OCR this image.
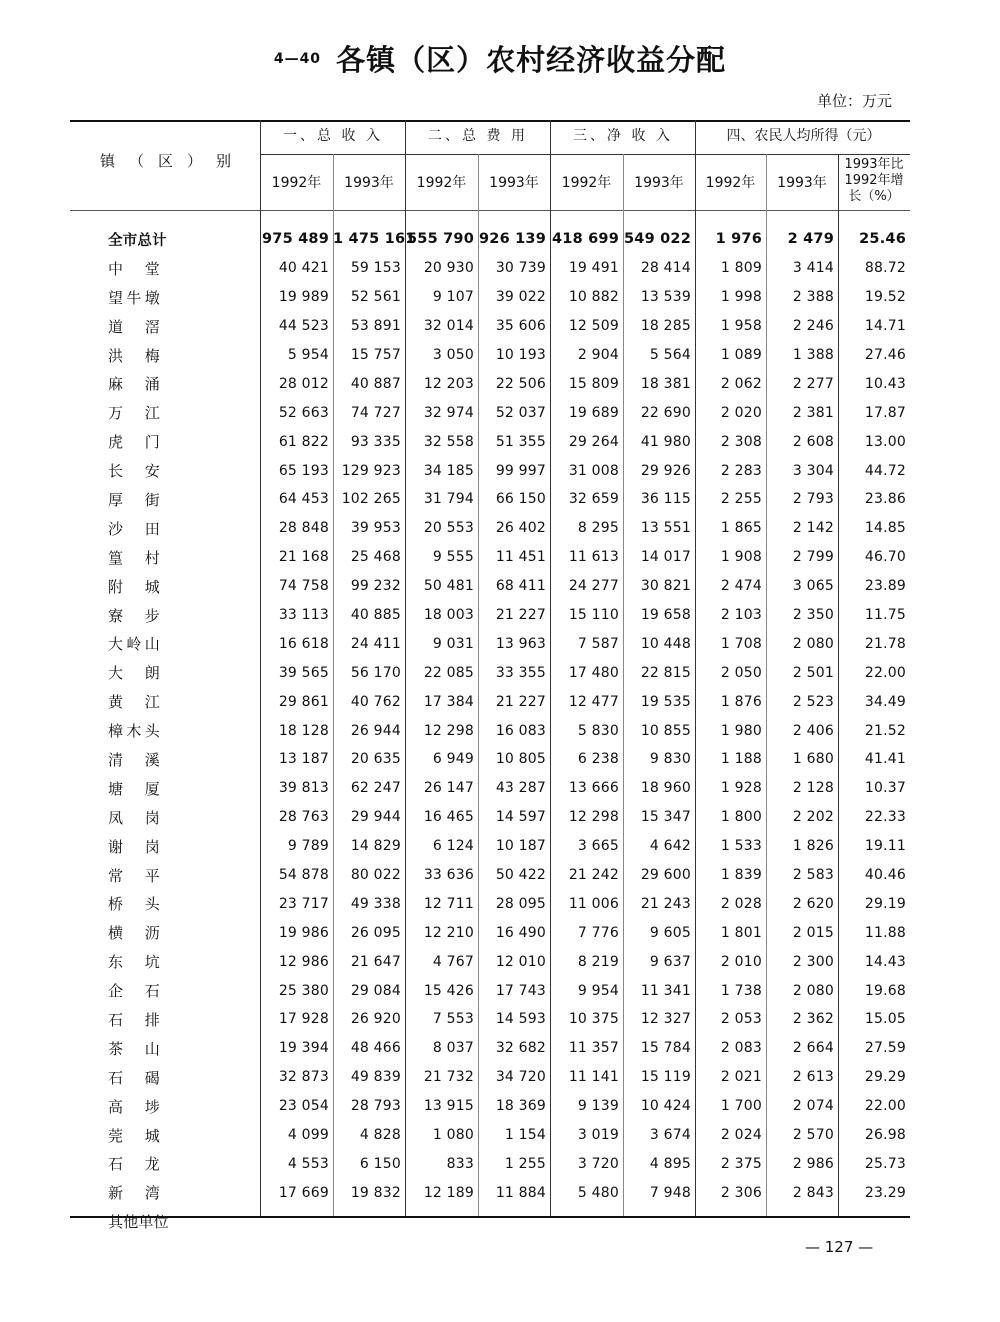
4—40 各镇（区）农村经济收益分配
单位：万元
镇（区）别
一、总 收 入	二、总 费 用	三、净 收 入	四、农民人均所得（元）
1992年	1993年	1992年	1993年	1992年	1993年	1992年	1993年
1993年比
1992年增
长（%）
全市总计	975 489	1 475 161	555 790	926 139	418 699	549 022	1 976	2 479	25.46
中堂	40 421	59 153	20 930	30 739	19 491	28 414	1 809	3 414	88.72
望牛墩	19 989	52 561	9 107	39 022	10 882	13 539	1 998	2 388	19.52
道滘	44 523	53 891	32 014	35 606	12 509	18 285	1 958	2 246	14.71
洪梅	5 954	15 757	3 050	10 193	2 904	5 564	1 089	1 388	27.46
麻涌	28 012	40 887	12 203	22 506	15 809	18 381	2 062	2 277	10.43
万江	52 663	74 727	32 974	52 037	19 689	22 690	2 020	2 381	17.87
虎门	61 822	93 335	32 558	51 355	29 264	41 980	2 308	2 608	13.00
长安	65 193	129 923	34 185	99 997	31 008	29 926	2 283	3 304	44.72
厚街	64 453	102 265	31 794	66 150	32 659	36 115	2 255	2 793	23.86
沙田	28 848	39 953	20 553	26 402	8 295	13 551	1 865	2 142	14.85
篁村	21 168	25 468	9 555	11 451	11 613	14 017	1 908	2 799	46.70
附城	74 758	99 232	50 481	68 411	24 277	30 821	2 474	3 065	23.89
寮步	33 113	40 885	18 003	21 227	15 110	19 658	2 103	2 350	11.75
大岭山	16 618	24 411	9 031	13 963	7 587	10 448	1 708	2 080	21.78
大朗	39 565	56 170	22 085	33 355	17 480	22 815	2 050	2 501	22.00
黄江	29 861	40 762	17 384	21 227	12 477	19 535	1 876	2 523	34.49
樟木头	18 128	26 944	12 298	16 083	5 830	10 855	1 980	2 406	21.52
清溪	13 187	20 635	6 949	10 805	6 238	9 830	1 188	1 680	41.41
塘厦	39 813	62 247	26 147	43 287	13 666	18 960	1 928	2 128	10.37
凤岗	28 763	29 944	16 465	14 597	12 298	15 347	1 800	2 202	22.33
谢岗	9 789	14 829	6 124	10 187	3 665	4 642	1 533	1 826	19.11
常平	54 878	80 022	33 636	50 422	21 242	29 600	1 839	2 583	40.46
桥头	23 717	49 338	12 711	28 095	11 006	21 243	2 028	2 620	29.19
横沥	19 986	26 095	12 210	16 490	7 776	9 605	1 801	2 015	11.88
东坑	12 986	21 647	4 767	12 010	8 219	9 637	2 010	2 300	14.43
企石	25 380	29 084	15 426	17 743	9 954	11 341	1 738	2 080	19.68
石排	17 928	26 920	7 553	14 593	10 375	12 327	2 053	2 362	15.05
茶山	19 394	48 466	8 037	32 682	11 357	15 784	2 083	2 664	27.59
石碣	32 873	49 839	21 732	34 720	11 141	15 119	2 021	2 613	29.29
高埗	23 054	28 793	13 915	18 369	9 139	10 424	1 700	2 074	22.00
莞城	4 099	4 828	1 080	1 154	3 019	3 674	2 024	2 570	26.98
石龙	4 553	6 150	833	1 255	3 720	4 895	2 375	2 986	25.73
新湾	17 669	19 832	12 189	11 884	5 480	7 948	2 306	2 843	23.29
其他单位									
— 127 —
